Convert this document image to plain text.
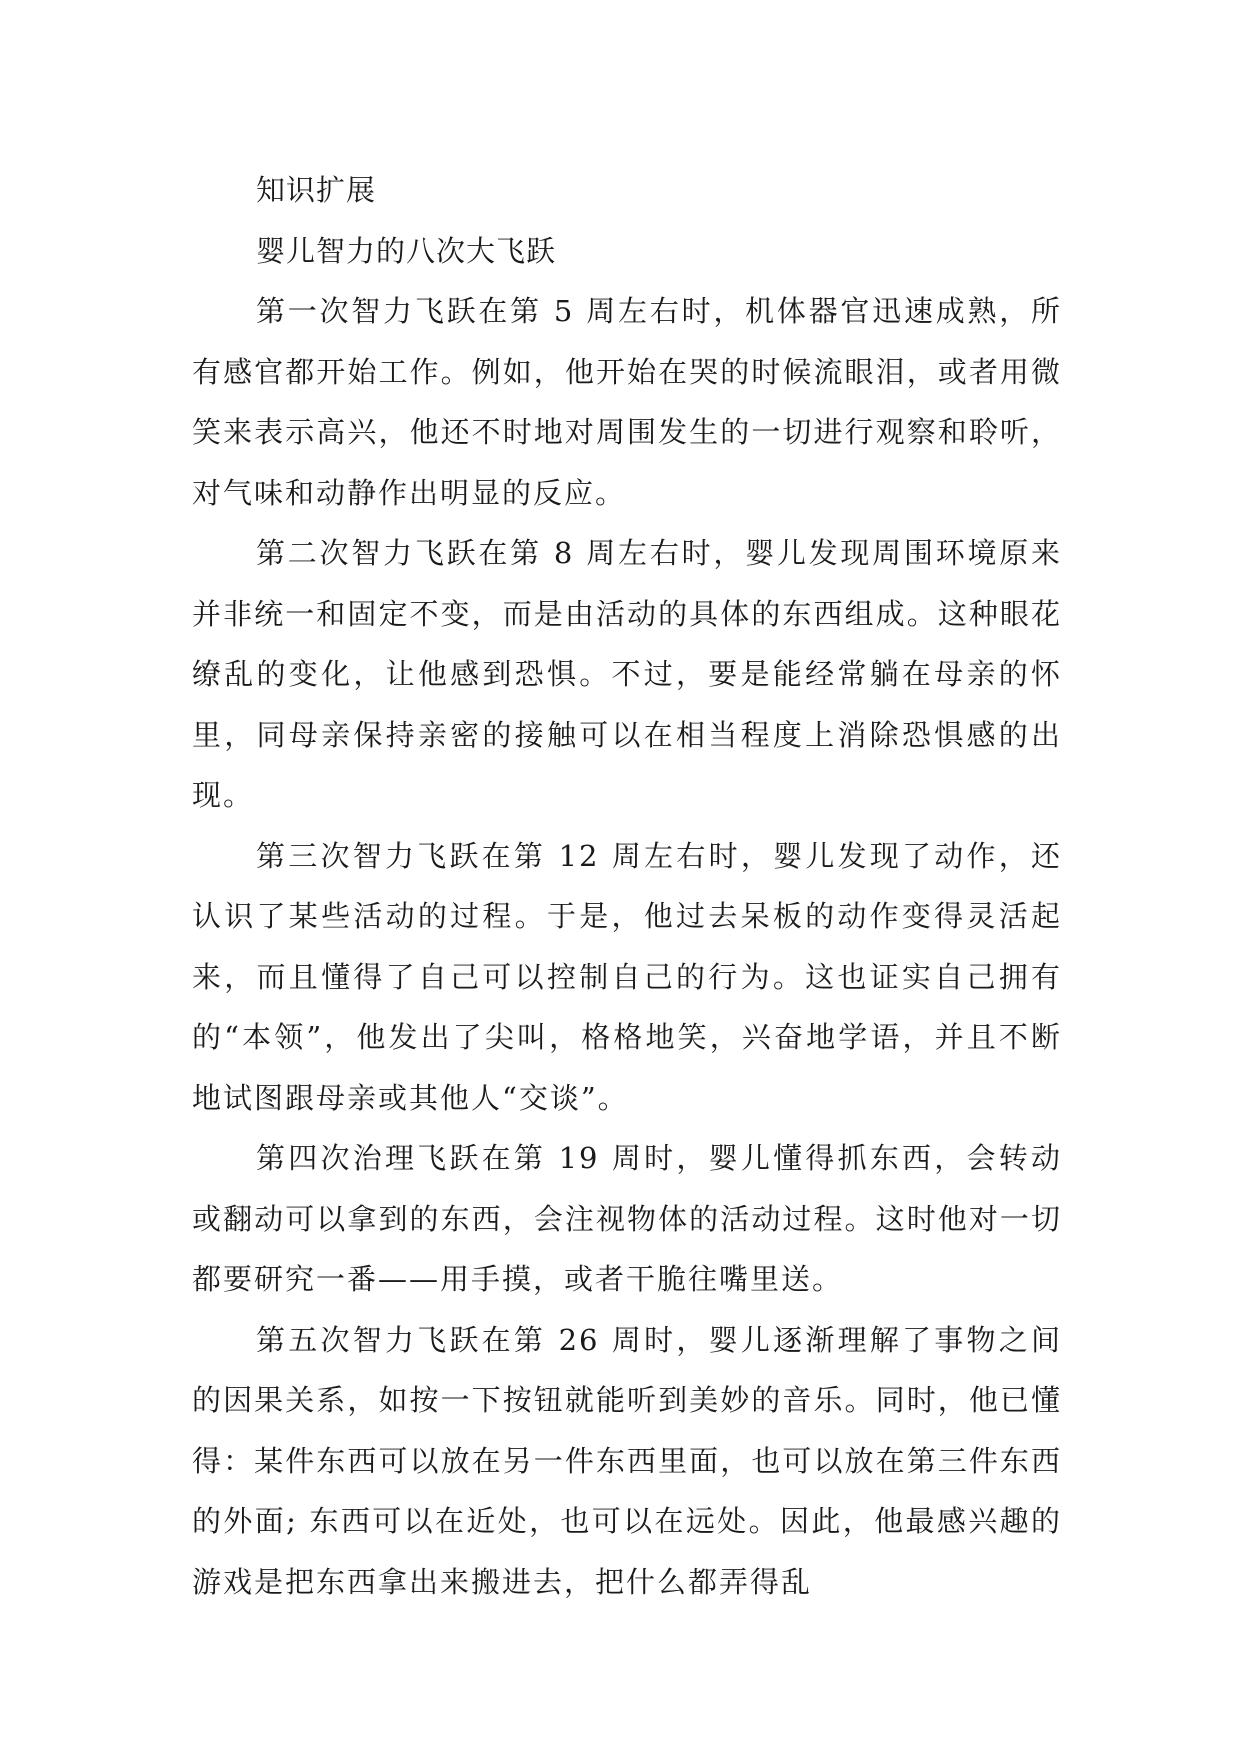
知识扩展

婴儿智力的八次大飞跃

第一次智力飞跃在第 5 周左右时，机体器官迅速成熟，所有感官都开始工作。例如，他开始在哭的时候流眼泪，或者用微笑来表示高兴，他还不时地对周围发生的一切进行观察和聆听，对气味和动静作出明显的反应。

第二次智力飞跃在第 8 周左右时，婴儿发现周围环境原来并非统一和固定不变，而是由活动的具体的东西组成。这种眼花缭乱的变化，让他感到恐惧。不过，要是能经常躺在母亲的怀里，同母亲保持亲密的接触可以在相当程度上消除恐惧感的出现。

第三次智力飞跃在第 12 周左右时，婴儿发现了动作，还认识了某些活动的过程。于是，他过去呆板的动作变得灵活起来，而且懂得了自己可以控制自己的行为。这也证实自己拥有的“本领”，他发出了尖叫，格格地笑，兴奋地学语，并且不断地试图跟母亲或其他人“交谈”。

第四次治理飞跃在第 19 周时，婴儿懂得抓东西，会转动或翻动可以拿到的东西，会注视物体的活动过程。这时他对一切都要研究一番——用手摸，或者干脆往嘴里送。

第五次智力飞跃在第 26 周时，婴儿逐渐理解了事物之间的因果关系，如按一下按钮就能听到美妙的音乐。同时，他已懂得：某件东西可以放在另一件东西里面，也可以放在第三件东西的外面; 东西可以在近处，也可以在远处。因此，他最感兴趣的游戏是把东西拿出来搬进去，把什么都弄得乱
